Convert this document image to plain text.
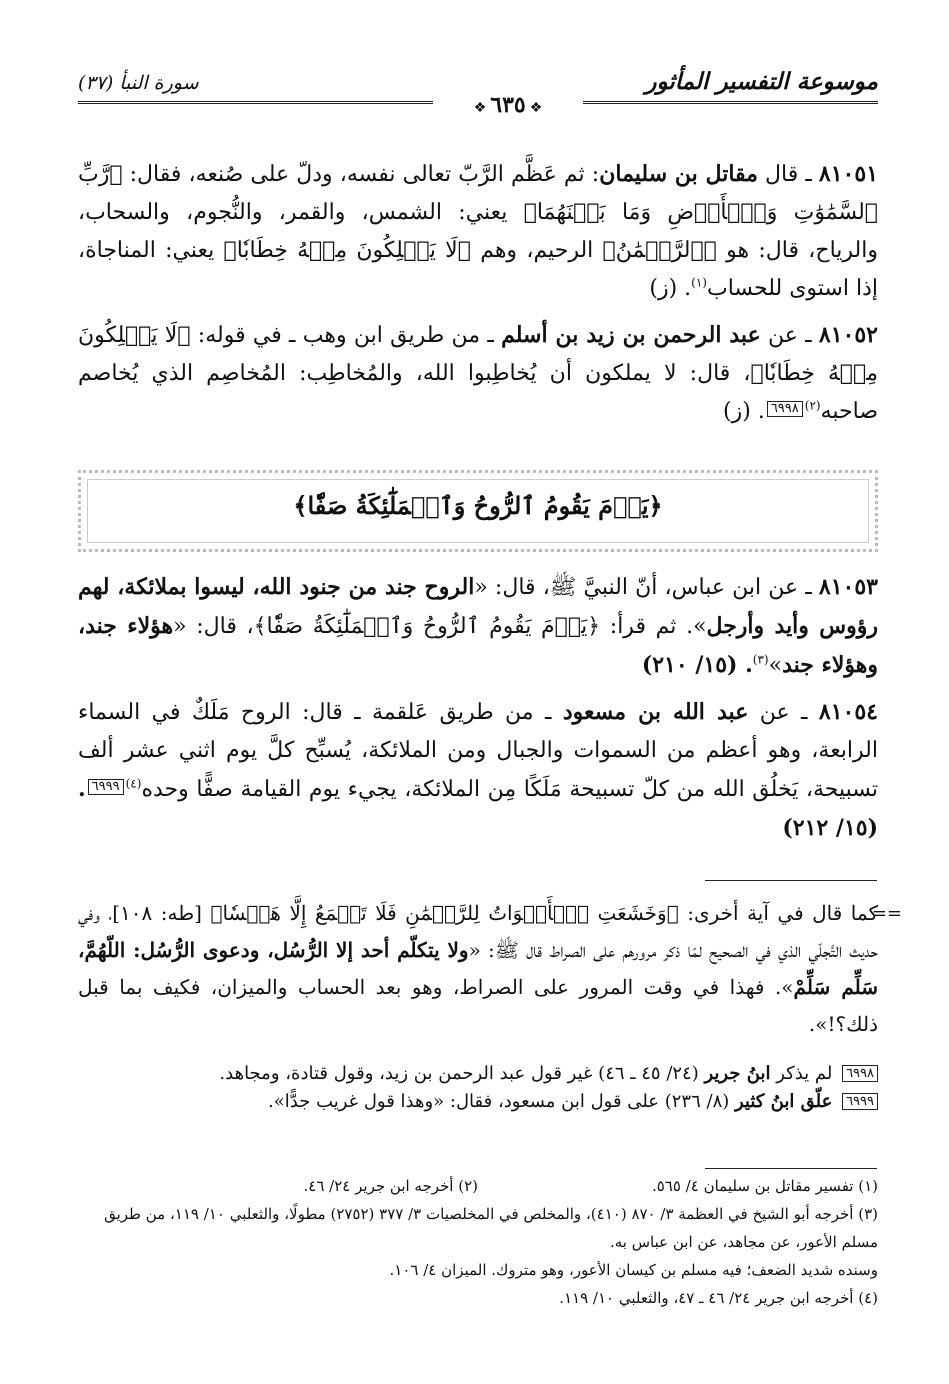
موسوعة التفسير المأثور
سورة النبأ (٣٧)
❖٦٣٥❖

٨١٠٥١ ـ قال مقاتل بن سليمان: ثم عَظَّم الرَّبّ تعالى نفسه، ودلّ على صُنعه، فقال: ﴿رَّبِّ ٱلسَّمَٰوَٰتِ وَٱلۡأَرۡضِ وَمَا بَيۡنَهُمَا﴾ يعني: الشمس، والقمر، والنُّجوم، والسحاب، والرياح، قال: هو ﴿ٱلرَّحۡمَٰنُ﴾ الرحيم، وهم ﴿لَا يَمۡلِكُونَ مِنۡهُ خِطَابٗا﴾ يعني: المناجاة، إذا استوى للحساب$^{(١)}$. (ز)

٨١٠٥٢ ـ عن عبد الرحمن بن زيد بن أسلم ـ من طريق ابن وهب ـ في قوله: ﴿لَا يَمۡلِكُونَ مِنۡهُ خِطَابٗا﴾، قال: لا يملكون أن يُخاطِبوا الله، والمُخاطِب: المُخاصِم الذي يُخاصم صاحبه$^{(٢)}$٦٩٩٨. (ز)

﴿يَوۡمَ يَقُومُ ٱلرُّوحُ وَٱلۡمَلَٰٓئِكَةُ صَفّٗا﴾

٨١٠٥٣ ـ عن ابن عباس، أنّ النبيَّ ﷺ، قال: «الروح جند من جنود الله، ليسوا بملائكة، لهم رؤوس وأيد وأرجل». ثم قرأ: ﴿يَوۡمَ يَقُومُ ٱلرُّوحُ وَٱلۡمَلَٰٓئِكَةُ صَفّٗا﴾، قال: «هؤلاء جند، وهؤلاء جند»$^{(٣)}$. (١٥/ ٢١٠)

٨١٠٥٤ ـ عن عبد الله بن مسعود ـ من طريق عَلقمة ـ قال: الروح مَلَكٌ في السماء الرابعة، وهو أعظم من السموات والجبال ومن الملائكة، يُسبِّح كلَّ يوم اثني عشر ألف تسبيحة، يَخلُق الله من كلّ تسبيحة مَلَكًا مِن الملائكة، يجيء يوم القيامة صفًّا وحده$^{(٤)}$٦٩٩٩. (١٥/ ٢١٢)

==
كما قال في آية أخرى: ﴿وَخَشَعَتِ ٱلۡأَصۡوَاتُ لِلرَّحۡمَٰنِ فَلَا تَسۡمَعُ إِلَّا هَمۡسٗا﴾ [طه: ١٠٨]، وفي حديث التَّجلّي الذي في الصحيح لمّا ذكر مرورهم على الصراط قال ﷺ: «ولا يتكلّم أحد إلا الرُّسُل، ودعوى الرُّسُل: اللّهُمَّ، سَلِّم سَلِّمْ». فهذا في وقت المرور على الصراط، وهو بعد الحساب والميزان، فكيف بما قبل ذلك؟!».

٦٩٩٨ لم يذكر ابنُ جرير (٢٤/ ٤٥ ـ ٤٦) غير قول عبد الرحمن بن زيد، وقول قتادة، ومجاهد.

٦٩٩٩ علّق ابنُ كثير (٨/ ٢٣٦) على قول ابن مسعود، فقال: «وهذا قول غريب جدًّا».

(١) تفسير مقاتل بن سليمان ٤/ ٥٦٥.

(٢) أخرجه ابن جرير ٢٤/ ٤٦.

(٣) أخرجه أبو الشيخ في العظمة ٣/ ٨٧٠ (٤١٠)، والمخلص في المخلصيات ٣/ ٣٧٧ (٢٧٥٢) مطولًا، والثعلبي ١٠/ ١١٩، من طريق مسلم الأعور، عن مجاهد، عن ابن عباس به.

وسنده شديد الضعف؛ فيه مسلم بن كيسان الأعور، وهو متروك. الميزان ٤/ ١٠٦.

(٤) أخرجه ابن جرير ٢٤/ ٤٦ ـ ٤٧، والثعلبي ١٠/ ١١٩.
